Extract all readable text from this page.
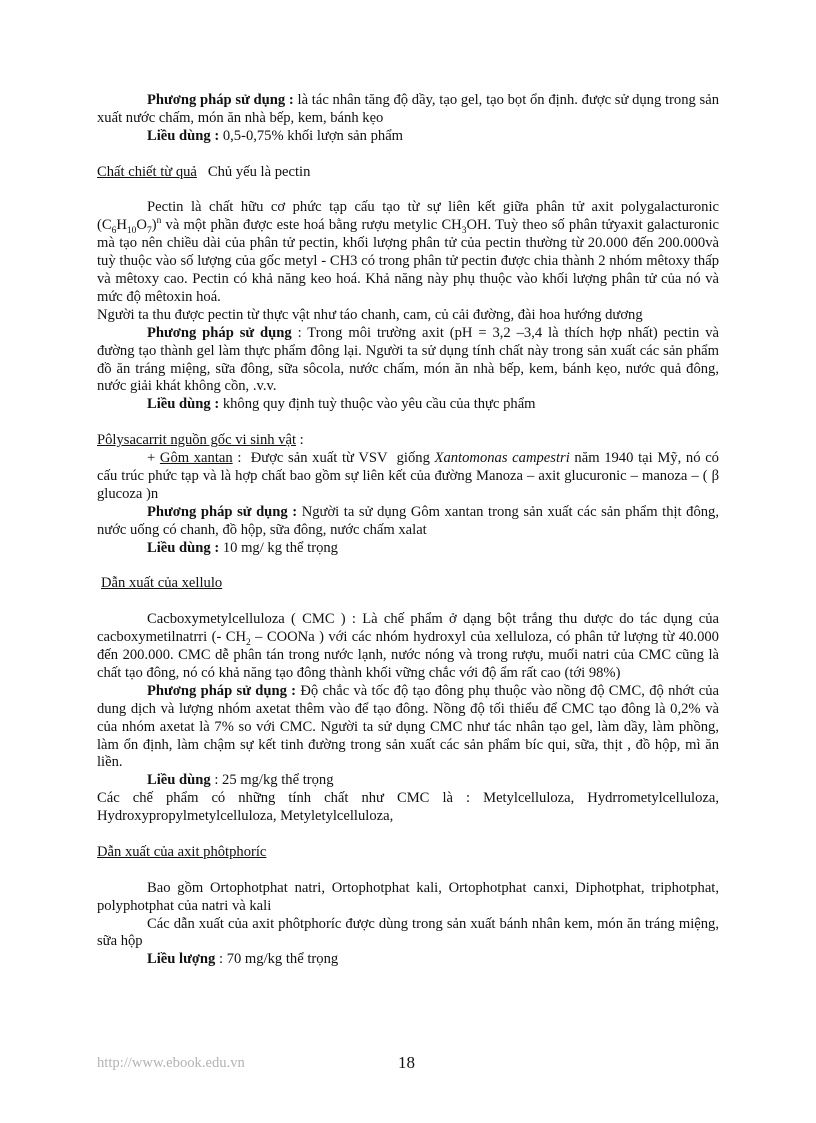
Phương pháp sử dụng : là tác nhân tăng độ dầy, tạo gel, tạo bọt ổn định. được sử dụng trong sản xuất nước chấm, món ăn nhà bếp, kem, bánh kẹo

Liều dùng : 0,5-0,75% khối lượn sản phẩm

Chất chiết từ quả   Chủ yếu là pectin

Pectin là chất hữu cơ phức tạp cấu tạo từ sự liên kết giữa phân tử axit polygalacturonic $(C_6H_{10}O_7)^n$ và một phần được este hoá bằng rượu metylic $CH_3OH$. Tuỳ theo số phân tửyaxit galacturonic mà tạo nên chiều dài của phân tử pectin, khối lượng phân tử của pectin thường từ 20.000 đến 200.000và tuỳ thuộc vào số lượng của gốc metyl - CH3 có trong phân tử pectin được chia thành 2 nhóm mêtoxy thấp và mêtoxy cao. Pectin có khả năng keo hoá. Khả năng này phụ thuộc vào khối lượng phân tử của nó và mức độ mêtoxin hoá.

Người ta thu được pectin từ thực vật như táo chanh, cam, củ cải đường, đài hoa hướng dương

Phương pháp sử dụng : Trong môi trường axit (pH = 3,2 –3,4 là thích hợp nhất) pectin và đường tạo thành gel làm thực phẩm đông lại. Người ta sử dụng tính chất này trong sản xuất các sản phẩm đồ ăn tráng miệng, sữa đông, sữa sôcola, nước chấm, món ăn nhà bếp, kem, bánh kẹo, nước quả đông, nước giải khát không cồn, .v.v.

Liều dùng : không quy định tuỳ thuộc vào yêu cầu của thực phẩm

Pôlysacarrit nguồn gốc vi sinh vật :

+ Gôm xantan :  Được sản xuất từ VSV  giống Xantomonas campestri năm 1940 tại Mỹ, nó có cấu trúc phức tạp và là hợp chất bao gồm sự liên kết của đường Manoza – axit glucuronic – manoza – ( β glucoza )n

Phương pháp sử dụng : Người ta sử dụng Gôm xantan trong sản xuất các sản phẩm thịt đông, nước uống có chanh, đồ hộp, sữa đông, nước chấm xalat

Liều dùng : 10 mg/ kg thể trọng

Dẫn xuất của xellulo

Cacboxymetylcelluloza ( CMC ) : Là chế phẩm ở dạng bột trắng thu dược do tác dụng của cacboxymetilnatrri (- $CH_2$ – COONa ) với các nhóm hydroxyl của xelluloza, có phân tử lượng từ 40.000 đến 200.000. CMC dễ phân tán trong nước lạnh, nước nóng và trong rượu, muối natri của CMC cũng là chất tạo đông, nó có khả năng tạo đông thành khối vững chắc với độ ẩm rất cao (tới 98%)

Phương pháp sử dụng : Độ chắc và tốc độ tạo đông phụ thuộc vào nồng độ CMC, độ nhớt của dung dịch và lượng nhóm axetat thêm vào để tạo đông. Nồng độ tối thiểu để CMC tạo đông là 0,2% và của nhóm axetat là 7% so với CMC. Người ta sử dụng CMC như tác nhân tạo gel, làm dầy, làm phồng, làm ổn định, làm chậm sự kết tinh đường trong sản xuất các sản phẩm bíc qui, sữa, thịt , đồ hộp, mì ăn liền.

Liều dùng : 25 mg/kg thể trọng

Các chế phẩm có những tính chất như CMC là : Metylcelluloza, Hydrrometylcelluloza, Hydroxypropylmetylcelluloza, Metyletylcelluloza,

Dẫn xuất của axit phôtphoríc

Bao gồm Ortophotphat natri, Ortophotphat kali, Ortophotphat canxi, Diphotphat, triphotphat, polyphotphat của natri và kali

Các dẫn xuất của axit phôtphoríc được dùng trong sản xuất bánh nhân kem, món ăn tráng miệng, sữa hộp

Liều lượng : 70 mg/kg thể trọng

http://www.ebook.edu.vn	18
